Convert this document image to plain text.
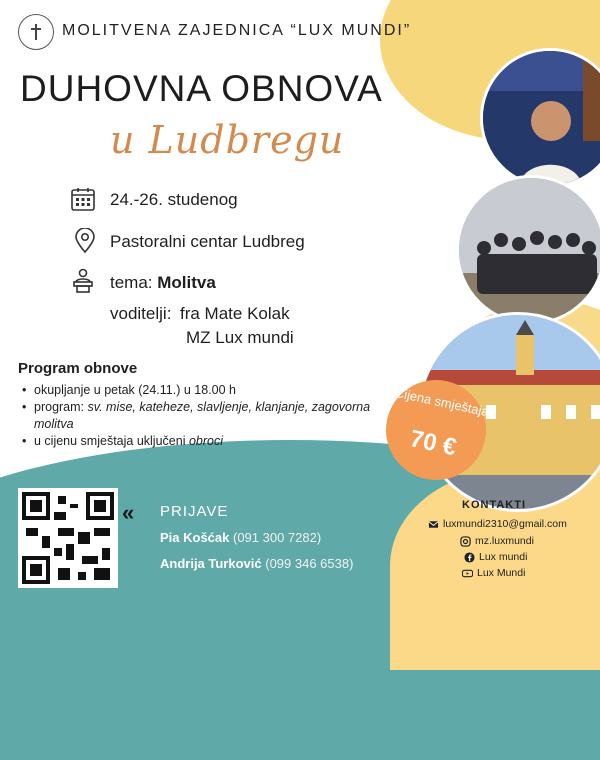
MOLITVENA ZAJEDNICA “LUX MUNDI”
DUHOVNA OBNOVA
u Ludbregu
24.-26. studenog
Pastoralni centar Ludbreg
tema: Molitva
voditelji: fra Mate Kolak
MZ Lux mundi
Program obnove
• okupljanje u petak (24.11.) u 18.00 h
• program: sv. mise, kateheze, slavljenje, klanjanje, zagovorna molitva
• u cijenu smještaja uključeni obroci
Cijena smještaja
70 €
« PRIJAVE
Pia Košćak (091 300 7282)
Andrija Turković (099 346 6538)
KONTAKTI
luxmundi2310@gmail.com
mz.luxmundi
Lux mundi
Lux Mundi
